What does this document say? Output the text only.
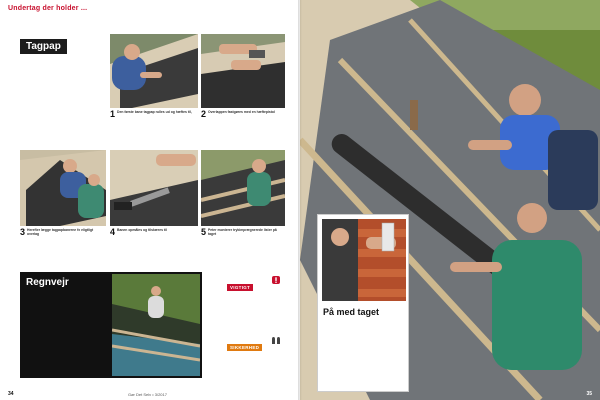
Undertag der holder ...
Tagpap

1 Den første bane tagpap rulles ud og hæftes til,	2 Overlappen fastgøres med en hæftepistol
3 Herefter lægge tagpapbanerne fx eligtligt overlag	4 Banen opmåles og tilskæres til	5 Peter monterer trykimprægnerede lister på taget
Regnvejr	VIGTIGT

SIKKERHED

34	Gør Det Selv • 3/2017

På med taget

35
